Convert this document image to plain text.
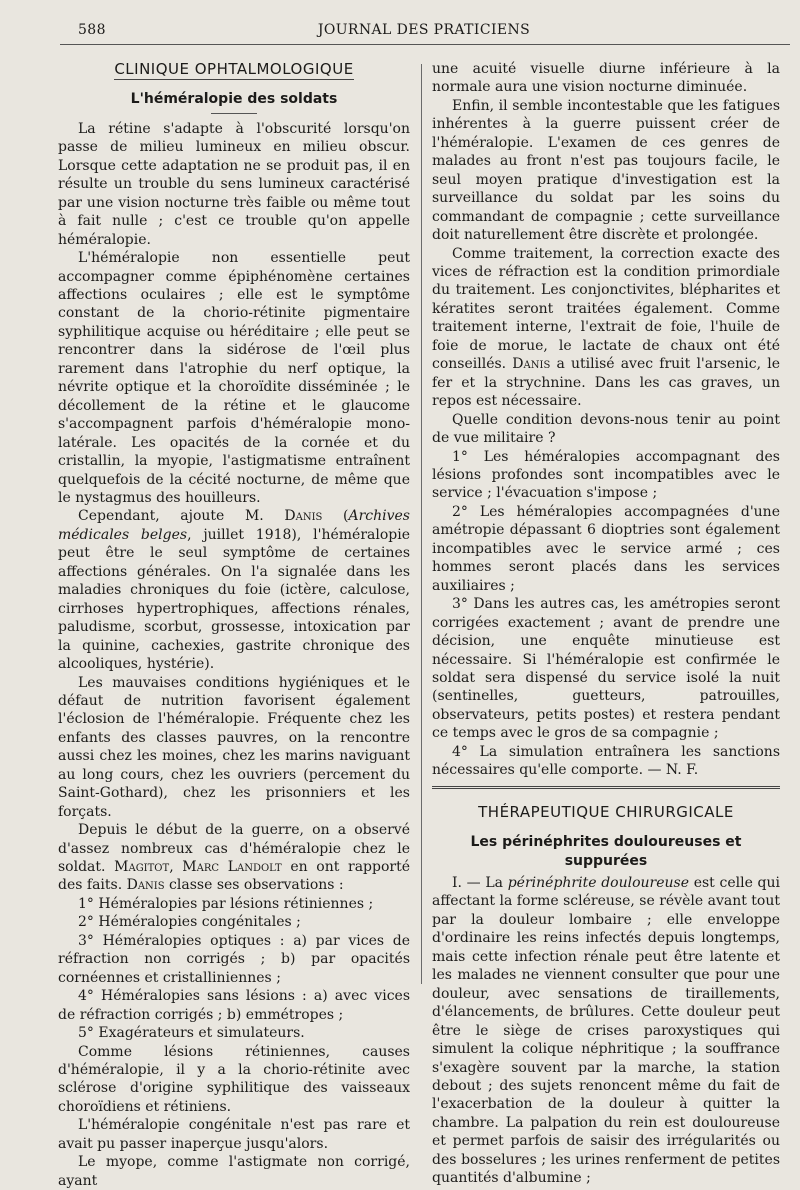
588	JOURNAL DES PRATICIENS
CLINIQUE OPHTALMOLOGIQUE
L'héméralopie des soldats

La rétine s'adapte à l'obscurité lorsqu'on passe de milieu lumineux en milieu obscur. Lorsque cette adaptation ne se produit pas, il en résulte un trouble du sens lumineux caractérisé par une vision nocturne très faible ou même tout à fait nulle ; c'est ce trouble qu'on appelle héméralopie.

L'héméralopie non essentielle peut accompagner comme épiphénomène certaines affections oculaires ; elle est le symptôme constant de la chorio-rétinite pigmentaire syphilitique acquise ou héréditaire ; elle peut se rencontrer dans la sidérose de l'œil plus rarement dans l'atrophie du nerf optique, la névrite optique et la choroïdite disséminée ; le décollement de la rétine et le glaucome s'accompagnent parfois d'héméralopie mono-latérale. Les opacités de la cornée et du cristallin, la myopie, l'astigmatisme entraînent quelquefois de la cécité nocturne, de même que le nystagmus des houilleurs.

Cependant, ajoute M. Danis (Archives médicales belges, juillet 1918), l'héméralopie peut être le seul symptôme de certaines affections générales. On l'a signalée dans les maladies chroniques du foie (ictère, calculose, cirrhoses hypertrophiques, affections rénales, paludisme, scorbut, grossesse, intoxication par la quinine, cachexies, gastrite chronique des alcooliques, hystérie).

Les mauvaises conditions hygiéniques et le défaut de nutrition favorisent également l'éclosion de l'héméralopie. Fréquente chez les enfants des classes pauvres, on la rencontre aussi chez les moines, chez les marins naviguant au long cours, chez les ouvriers (percement du Saint-Gothard), chez les prisonniers et les forçats.

Depuis le début de la guerre, on a observé d'assez nombreux cas d'héméralopie chez le soldat. Magitot, Marc Landolt en ont rapporté des faits. Danis classe ses observations :

1° Héméralopies par lésions rétiniennes ;

2° Héméralopies congénitales ;

3° Héméralopies optiques : a) par vices de réfraction non corrigés ; b) par opacités cornéennes et cristalliniennes ;

4° Héméralopies sans lésions : a) avec vices de réfraction corrigés ; b) emmétropes ;

5° Exagérateurs et simulateurs.

Comme lésions rétiniennes, causes d'héméralopie, il y a la chorio-rétinite avec sclérose d'origine syphilitique des vaisseaux choroïdiens et rétiniens.

L'héméralopie congénitale n'est pas rare et avait pu passer inaperçue jusqu'alors.

Le myope, comme l'astigmate non corrigé, ayant

une acuité visuelle diurne inférieure à la normale aura une vision nocturne diminuée.

Enfin, il semble incontestable que les fatigues inhérentes à la guerre puissent créer de l'héméralopie. L'examen de ces genres de malades au front n'est pas toujours facile, le seul moyen pratique d'investigation est la surveillance du soldat par les soins du commandant de compagnie ; cette surveillance doit naturellement être discrète et prolongée.

Comme traitement, la correction exacte des vices de réfraction est la condition primordiale du traitement. Les conjonctivites, blépharites et kératites seront traitées également. Comme traitement interne, l'extrait de foie, l'huile de foie de morue, le lactate de chaux ont été conseillés. Danis a utilisé avec fruit l'arsenic, le fer et la strychnine. Dans les cas graves, un repos est nécessaire.

Quelle condition devons-nous tenir au point de vue militaire ?

1° Les héméralopies accompagnant des lésions profondes sont incompatibles avec le service ; l'évacuation s'impose ;

2° Les héméralopies accompagnées d'une amétropie dépassant 6 dioptries sont également incompatibles avec le service armé ; ces hommes seront placés dans les services auxiliaires ;

3° Dans les autres cas, les amétropies seront corrigées exactement ; avant de prendre une décision, une enquête minutieuse est nécessaire. Si l'héméralopie est confirmée le soldat sera dispensé du service isolé la nuit (sentinelles, guetteurs, patrouilles, observateurs, petits postes) et restera pendant ce temps avec le gros de sa compagnie ;

4° La simulation entraînera les sanctions nécessaires qu'elle comporte. — N. F.

THÉRAPEUTIQUE CHIRURGICALE
Les périnéphrites douloureuses et suppurées

I. — La périnéphrite douloureuse est celle qui affectant la forme scléreuse, se révèle avant tout par la douleur lombaire ; elle enveloppe d'ordinaire les reins infectés depuis longtemps, mais cette infection rénale peut être latente et les malades ne viennent consulter que pour une douleur, avec sensations de tiraillements, d'élancements, de brûlures. Cette douleur peut être le siège de crises paroxystiques qui simulent la colique néphritique ; la souffrance s'exagère souvent par la marche, la station debout ; des sujets renoncent même du fait de l'exacerbation de la douleur à quitter la chambre. La palpation du rein est douloureuse et permet parfois de saisir des irrégularités ou des bosselures ; les urines renferment de petites quantités d'albumine ;
